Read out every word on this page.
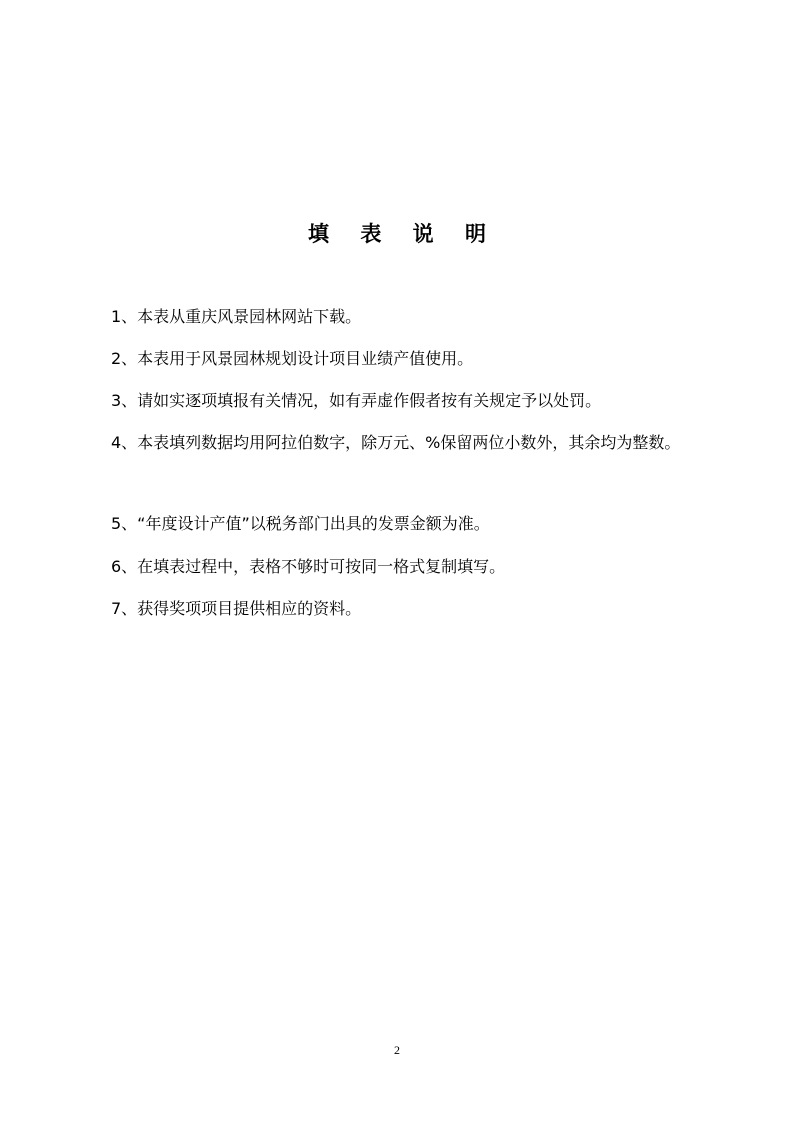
填 表 说 明
1、本表从重庆风景园林网站下载。
2、本表用于风景园林规划设计项目业绩产值使用。
3、请如实逐项填报有关情况，如有弄虚作假者按有关规定予以处罚。
4、本表填列数据均用阿拉伯数字，除万元、%保留两位小数外，其余均为整数。
5、“年度设计产值”以税务部门出具的发票金额为准。
6、在填表过程中，表格不够时可按同一格式复制填写。
7、获得奖项项目提供相应的资料。
2
